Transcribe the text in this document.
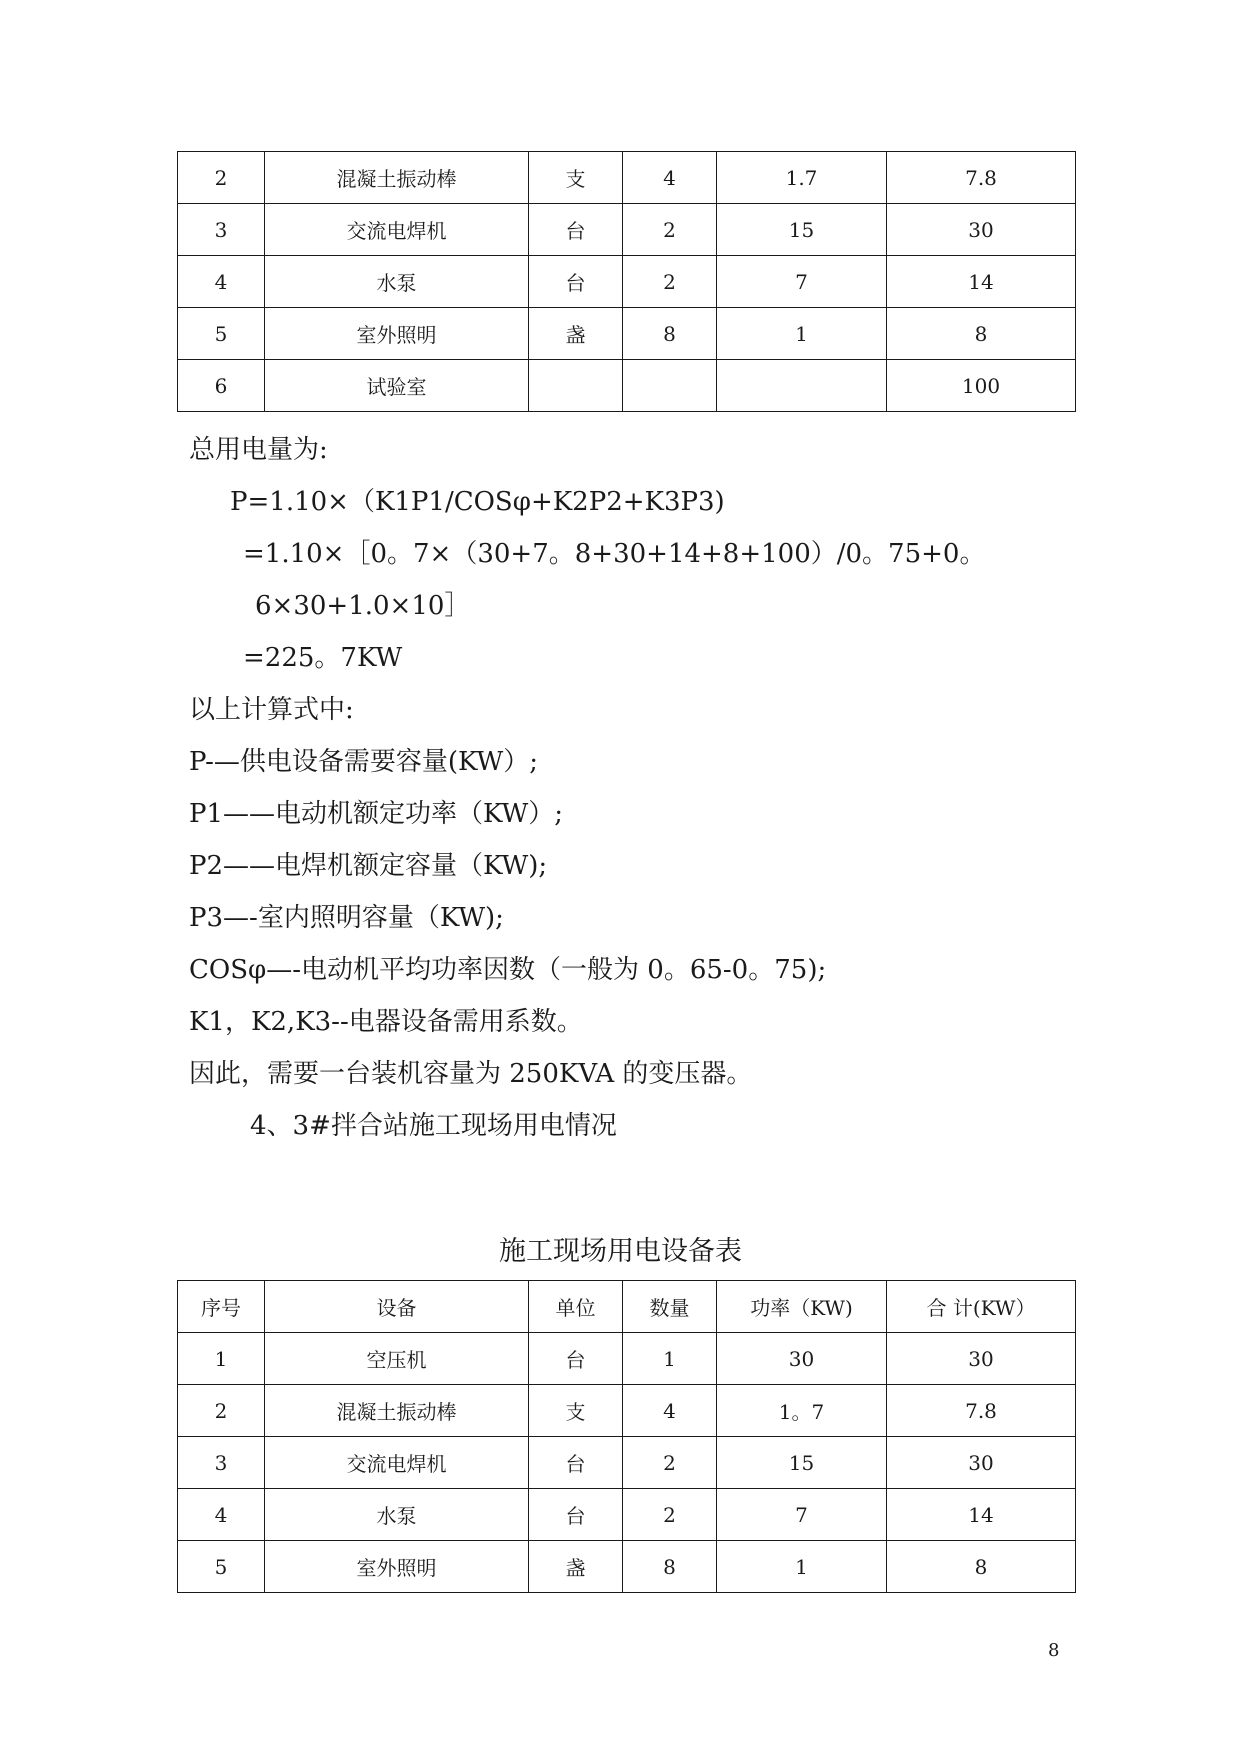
2	混凝土振动棒	支	4	1.7	7.8
3	交流电焊机	台	2	15	30
4	水泵	台	2	7	14
5	室外照明	盏	8	1	8
6	试验室				100
总用电量为:
P=1.10×（K1P1/COSφ+K2P2+K3P3)
=1.10×［0。7×（30+7。8+30+14+8+100）/0。75+0。
6×30+1.0×10］
=225。7KW
以上计算式中:
P-—供电设备需要容量(KW）;
P1——电动机额定功率（KW）;
P2——电焊机额定容量（KW);
P3—-室内照明容量（KW);
COSφ—-电动机平均功率因数（一般为 0。65-0。75);
K1，K2,K3--电器设备需用系数。
因此，需要一台装机容量为 250KVA 的变压器。
4、3#拌合站施工现场用电情况
施工现场用电设备表
序号	设备	单位	数量	功率（KW)	合 计(KW）
1	空压机	台	1	30	30
2	混凝土振动棒	支	4	1。7	7.8
3	交流电焊机	台	2	15	30
4	水泵	台	2	7	14
5	室外照明	盏	8	1	8
8
